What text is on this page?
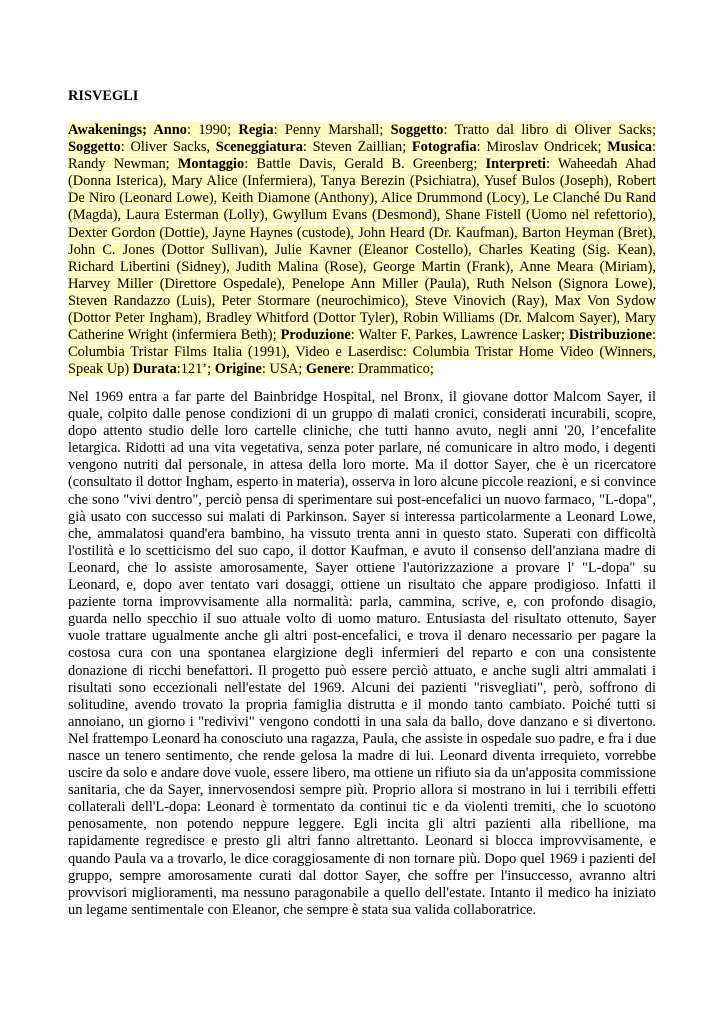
RISVEGLI

Awakenings; Anno: 1990; Regia: Penny Marshall; Soggetto: Tratto dal libro di Oliver Sacks; Soggetto: Oliver Sacks, Sceneggiatura: Steven Zaillian; Fotografia: Miroslav Ondricek; Musica: Randy Newman; Montaggio: Battle Davis, Gerald B. Greenberg; Interpreti: Waheedah Ahad (Donna Isterica), Mary Alice (Infermiera), Tanya Berezin (Psichiatra), Yusef Bulos (Joseph), Robert De Niro (Leonard Lowe), Keith Diamone (Anthony), Alice Drummond (Locy), Le Clanché Du Rand (Magda), Laura Esterman (Lolly), Gwyllum Evans (Desmond), Shane Fistell (Uomo nel refettorio), Dexter Gordon (Dottie), Jayne Haynes (custode), John Heard (Dr. Kaufman), Barton Heyman (Bret), John C. Jones (Dottor Sullivan), Julie Kavner (Eleanor Costello), Charles Keating (Sig. Kean), Richard Libertini (Sidney), Judith Malina (Rose), George Martin (Frank), Anne Meara (Miriam), Harvey Miller (Direttore Ospedale), Penelope Ann Miller (Paula), Ruth Nelson (Signora Lowe), Steven Randazzo (Luis), Peter Stormare (neurochimico), Steve Vinovich (Ray), Max Von Sydow (Dottor Peter Ingham), Bradley Whitford (Dottor Tyler), Robin Williams (Dr. Malcom Sayer), Mary Catherine Wright (infermiera Beth); Produzione: Walter F. Parkes, Lawrence Lasker; Distribuzione: Columbia Tristar Films Italia (1991), Video e Laserdisc: Columbia Tristar Home Video (Winners, Speak Up) Durata:121’; Origine: USA; Genere: Drammatico;

Nel 1969 entra a far parte del Bainbridge Hospital, nel Bronx, il giovane dottor Malcom Sayer, il quale, colpito dalle penose condizioni di un gruppo di malati cronici, considerati incurabili, scopre, dopo attento studio delle loro cartelle cliniche, che tutti hanno avuto, negli anni '20, l’encefalite letargica. Ridotti ad una vita vegetativa, senza poter parlare, né comunicare in altro modo, i degenti vengono nutriti dal personale, in attesa della loro morte. Ma il dottor Sayer, che è un ricercatore (consultato il dottor Ingham, esperto in materia), osserva in loro alcune piccole reazioni, e si convince che sono "vivi dentro", perciò pensa di sperimentare sui post-encefalici un nuovo farmaco, "L-dopa", già usato con successo sui malati di Parkinson. Sayer si interessa particolarmente a Leonard Lowe, che, ammalatosi quand'era bambino, ha vissuto trenta anni in questo stato. Superati con difficoltà l'ostilità e lo scetticismo del suo capo, il dottor Kaufman, e avuto il consenso dell'anziana madre di Leonard, che lo assiste amorosamente, Sayer ottiene l'autorizzazione a provare l' "L-dopa" su Leonard, e, dopo aver tentato vari dosaggi, ottiene un risultato che appare prodigioso. Infatti il paziente torna improvvisamente alla normalità: parla, cammina, scrive, e, con profondo disagio, guarda nello specchio il suo attuale volto di uomo maturo. Entusiasta del risultato ottenuto, Sayer vuole trattare ugualmente anche gli altri post-encefalici, e trova il denaro necessario per pagare la costosa cura con una spontanea elargizione degli infermieri del reparto e con una consistente donazione di ricchi benefattori. Il progetto può essere perciò attuato, e anche sugli altri ammalati i risultati sono eccezionali nell'estate del 1969. Alcuni dei pazienti "risvegliati", però, soffrono di solitudine, avendo trovato la propria famiglia distrutta e il mondo tanto cambiato. Poiché tutti si annoiano, un giorno i "redivivi" vengono condotti in una sala da ballo, dove danzano e si divertono. Nel frattempo Leonard ha conosciuto una ragazza, Paula, che assiste in ospedale suo padre, e fra i due nasce un tenero sentimento, che rende gelosa la madre di lui. Leonard diventa irrequieto, vorrebbe uscire da solo e andare dove vuole, essere libero, ma ottiene un rifiuto sia da un'apposita commissione sanitaria, che da Sayer, innervosendosi sempre più. Proprio allora si mostrano in lui i terribili effetti collaterali dell'L-dopa: Leonard è tormentato da continui tic e da violenti tremiti, che lo scuotono penosamente, non potendo neppure leggere. Egli incita gli altri pazienti alla ribellione, ma rapidamente regredisce e presto gli altri fanno altrettanto. Leonard si blocca improvvisamente, e quando Paula va a trovarlo, le dice coraggiosamente di non tornare più. Dopo quel 1969 i pazienti del gruppo, sempre amorosamente curati dal dottor Sayer, che soffre per l'insuccesso, avranno altri provvisori miglioramenti, ma nessuno paragonabile a quello dell'estate. Intanto il medico ha iniziato un legame sentimentale con Eleanor, che sempre è stata sua valida collaboratrice.
